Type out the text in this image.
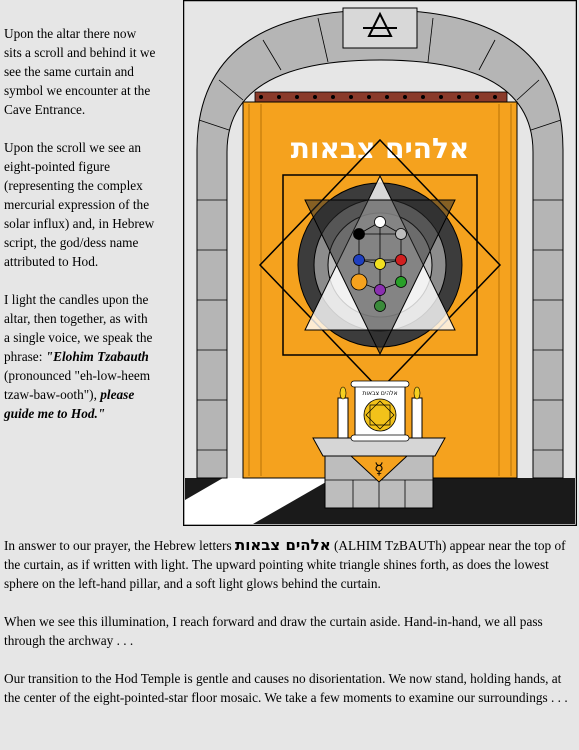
Upon the altar there now sits a scroll and behind it we see the same curtain and symbol we encounter at the Cave Entrance.

Upon the scroll we see an eight-pointed figure (representing the complex mercurial expression of the solar influx) and, in Hebrew script, the god/dess name attributed to Hod.

I light the candles upon the altar, then together, as with a single voice, we speak the phrase: "Elohim Tzabauth (pronounced "eh-low-heem tzaw-baw-ooth"), please guide me to Hod."

אלהים צבאות
☿
אלהים צבאות

In answer to our prayer, the Hebrew letters אלהים צבאות (ALHIM TzBAUTh) appear near the top of the curtain, as if written with light. The upward pointing white triangle shines forth, as does the lowest sphere on the left-hand pillar, and a soft light glows behind the curtain.

When we see this illumination, I reach forward and draw the curtain aside. Hand-in-hand, we all pass through the archway . . .

Our transition to the Hod Temple is gentle and causes no disorientation. We now stand, holding hands, at the center of the eight-pointed-star floor mosaic. We take a few moments to examine our surroundings . . .
